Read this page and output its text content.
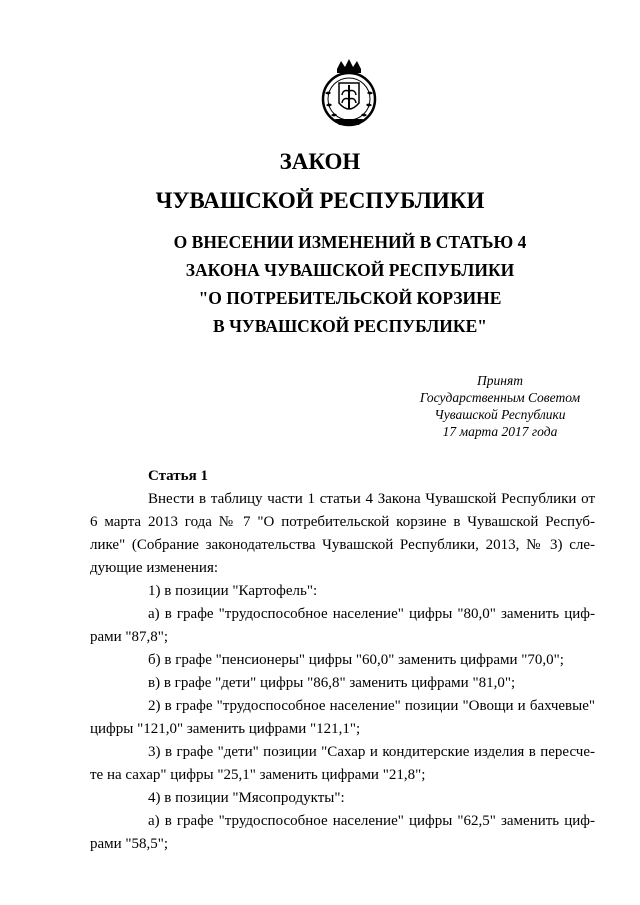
ЗАКОН
ЧУВАШСКОЙ РЕСПУБЛИКИ
О ВНЕСЕНИИ ИЗМЕНЕНИЙ В СТАТЬЮ 4
ЗАКОНА ЧУВАШСКОЙ РЕСПУБЛИКИ
"О ПОТРЕБИТЕЛЬСКОЙ КОРЗИНЕ
В ЧУВАШСКОЙ РЕСПУБЛИКЕ"
Принят
Государственным Советом
Чувашской Республики
17 марта 2017 года
Статья 1
Внести в таблицу части 1 статьи 4 Закона Чувашской Республики от
6 марта 2013 года № 7 "О потребительской корзине в Чувашской Респуб-
лике" (Собрание законодательства Чувашской Республики, 2013, № 3) сле-
дующие изменения:
1) в позиции "Картофель":
а) в графе "трудоспособное население" цифры "80,0" заменить циф-
рами "87,8";
б) в графе "пенсионеры" цифры "60,0" заменить цифрами "70,0";
в) в графе "дети" цифры "86,8" заменить цифрами "81,0";
2) в графе "трудоспособное население" позиции "Овощи и бахчевые"
цифры "121,0" заменить цифрами "121,1";
3) в графе "дети" позиции "Сахар и кондитерские изделия в пересче-
те на сахар" цифры "25,1" заменить цифрами "21,8";
4) в позиции "Мясопродукты":
а) в графе "трудоспособное население" цифры "62,5" заменить циф-
рами "58,5";
